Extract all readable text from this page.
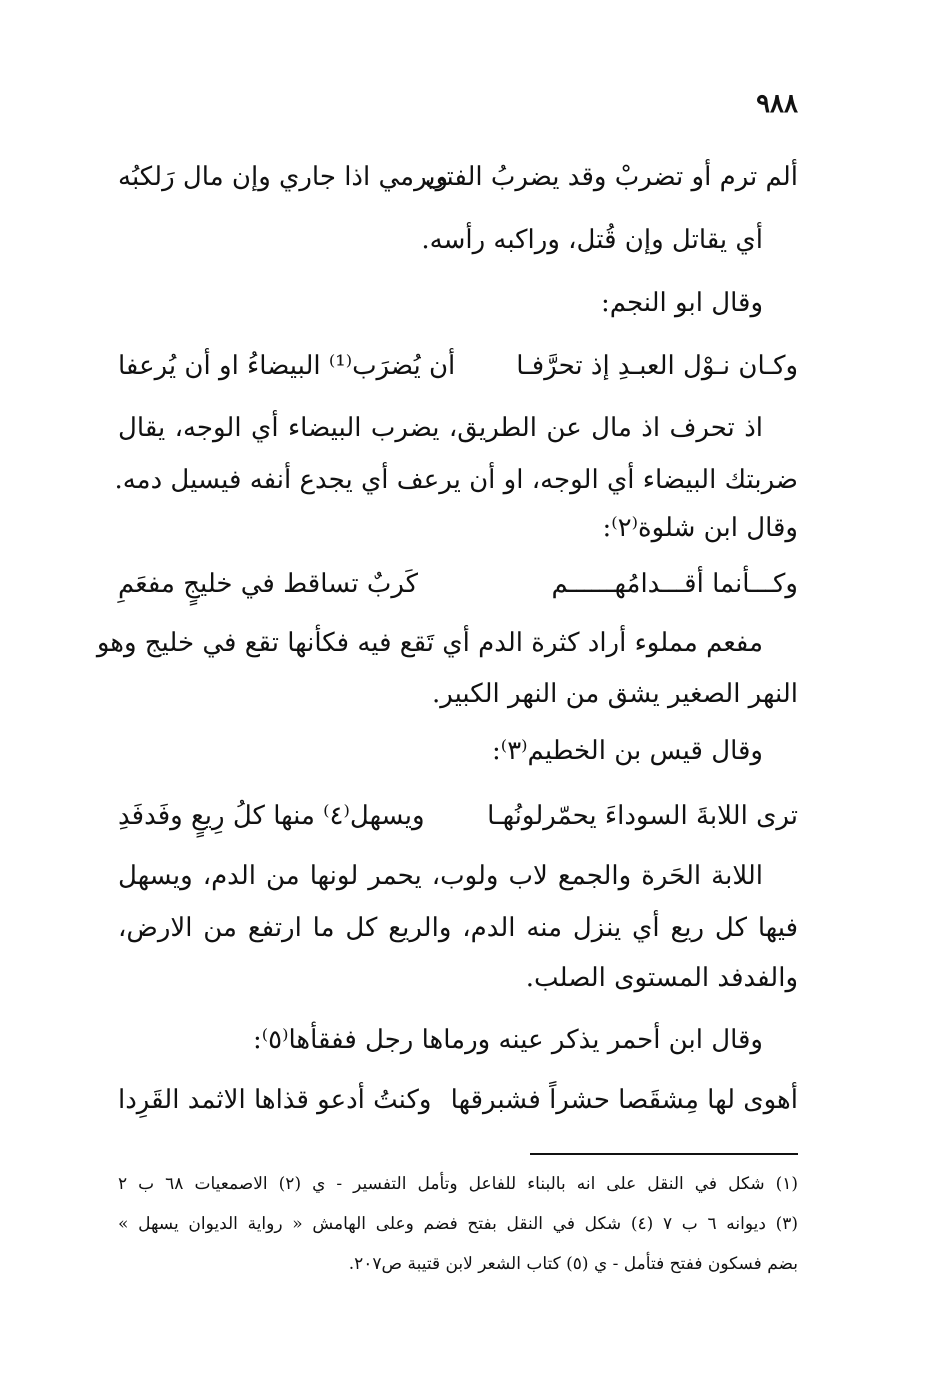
٩٨٨
ألم ترم أو تضربْ وقد يضربُ الفتى
ويرمي اذا جاري وإن مال رَلكبُه
أي يقاتل وإن قُتل، وراكبه رأسه.
وقال ابو النجم:
وكـان نـوْل العبـدِ إذ تحرَّفـا
أن يُضرَب⁽¹⁾ البيضاءُ او أن يُرعفا
اذ تحرف اذ مال عن الطريق، يضرب البيضاء أي الوجه، يقال
ضربتك البيضاء أي الوجه، او أن يرعف أي يجدع أنفه فيسيل دمه.
وقال ابن شلوة⁽٢⁾:
وكـــأنما أقـــدامُهــــــم
كَربٌ تساقط في خليجٍ مفعَمِ
مفعم مملوء أراد كثرة الدم أي تَقع فيه فكأنها تقع في خليج وهو
النهر الصغير يشق من النهر الكبير.
وقال قيس بن الخطيم⁽٣⁾:
ترى اللابةَ السوداءَ يحمّرلونُهـا
ويسهل⁽٤⁾ منها كلُ رِيعٍ وفَدفَدِ
اللابة الحَرة والجمع لاب ولوب، يحمر لونها من الدم، ويسهل
فيها كل ريع أي ينزل منه الدم، والريع كل ما ارتفع من الارض،
والفدفد المستوى الصلب.
وقال ابن أحمر يذكر عينه ورماها رجل ففقأها⁽٥⁾:
أهوى لها مِشقَصا حشراً فشبرقها
وكنتُ أدعو قذاها الاثمد القَرِدا
(١) شكل في النقل على انه بالبناء للفاعل وتأمل التفسير - ي (٢) الاصمعيات ٦٨ ب ٢
(٣) ديوانه ٦ ب ٧ (٤) شكل في النقل بفتح فضم وعلى الهامش « رواية الديوان يسهل »
بضم فسكون ففتح فتأمل - ي (٥) كتاب الشعر لابن قتيبة ص٢٠٧.
